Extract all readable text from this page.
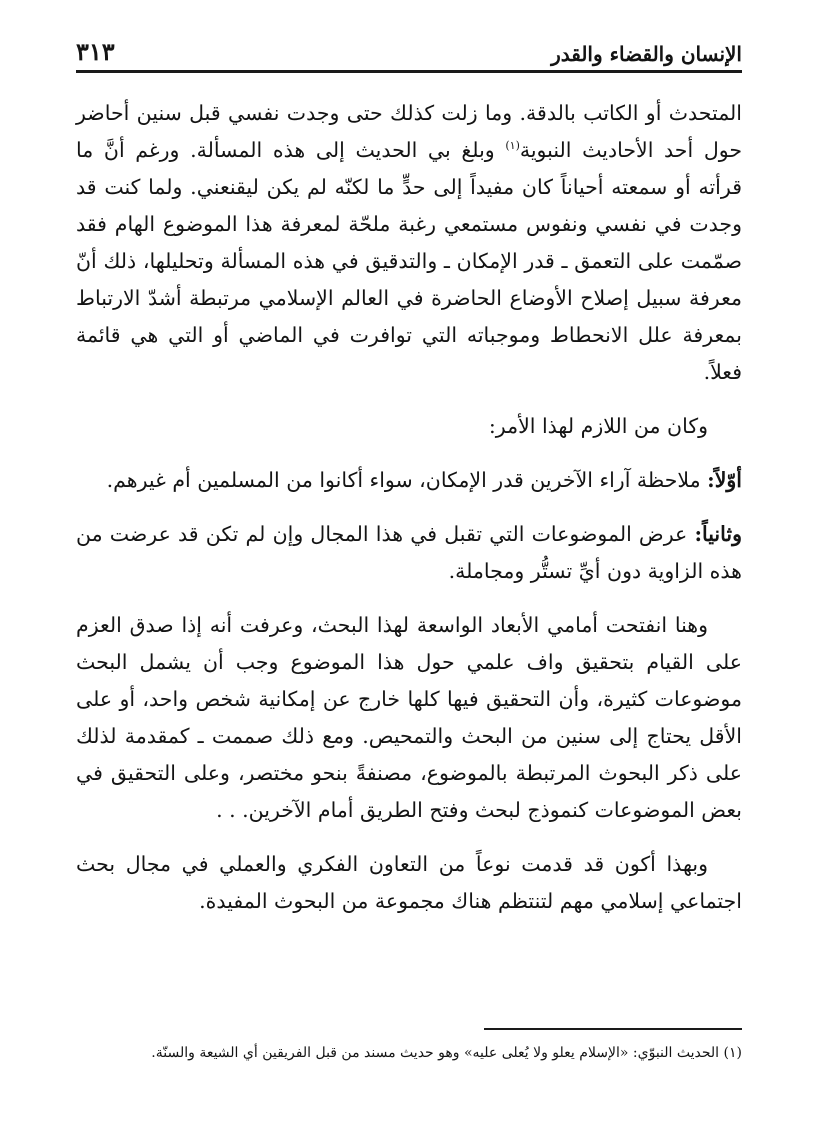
الإنسان والقضاء والقدر
٣١٣

المتحدث أو الكاتب بالدقة. وما زلت كذلك حتى وجدت نفسي قبل سنين أحاضر حول أحد الأحاديث النبوية$^{(١)}$ وبلغ بي الحديث إلى هذه المسألة. ورغم أنَّ ما قرأته أو سمعته أحياناً كان مفيداً إلى حدٍّ ما لكنّه لم يكن ليقنعني. ولما كنت قد وجدت في نفسي ونفوس مستمعي رغبة ملحّة لمعرفة هذا الموضوع الهام فقد صمّمت على التعمق ـ قدر الإمكان ـ والتدقيق في هذه المسألة وتحليلها، ذلك أنّ معرفة سبيل إصلاح الأوضاع الحاضرة في العالم الإسلامي مرتبطة أشدّ الارتباط بمعرفة علل الانحطاط وموجباته التي توافرت في الماضي أو التي هي قائمة فعلاً.

وكان من اللازم لهذا الأمر:

أوّلاً: ملاحظة آراء الآخرين قدر الإمكان، سواء أكانوا من المسلمين أم غيرهم.

وثانياً: عرض الموضوعات التي تقبل في هذا المجال وإن لم تكن قد عرضت من هذه الزاوية دون أيِّ تستُّر ومجاملة.

وهنا انفتحت أمامي الأبعاد الواسعة لهذا البحث، وعرفت أنه إذا صدق العزم على القيام بتحقيق واف علمي حول هذا الموضوع وجب أن يشمل البحث موضوعات كثيرة، وأن التحقيق فيها كلها خارج عن إمكانية شخص واحد، أو على الأقل يحتاج إلى سنين من البحث والتمحيص. ومع ذلك صممت ـ كمقدمة لذلك على ذكر البحوث المرتبطة بالموضوع، مصنفةً بنحو مختصر، وعلى التحقيق في بعض الموضوعات كنموذج لبحث وفتح الطريق أمام الآخرين. . .

وبهذا أكون قد قدمت نوعاً من التعاون الفكري والعملي في مجال بحث اجتماعي إسلامي مهم لتنتظم هناك مجموعة من البحوث المفيدة.

(١) الحديث النبوّي: «الإسلام يعلو ولا يُعلى عليه» وهو حديث مسند من قبل الفريقين أي الشيعة والسنّة.
